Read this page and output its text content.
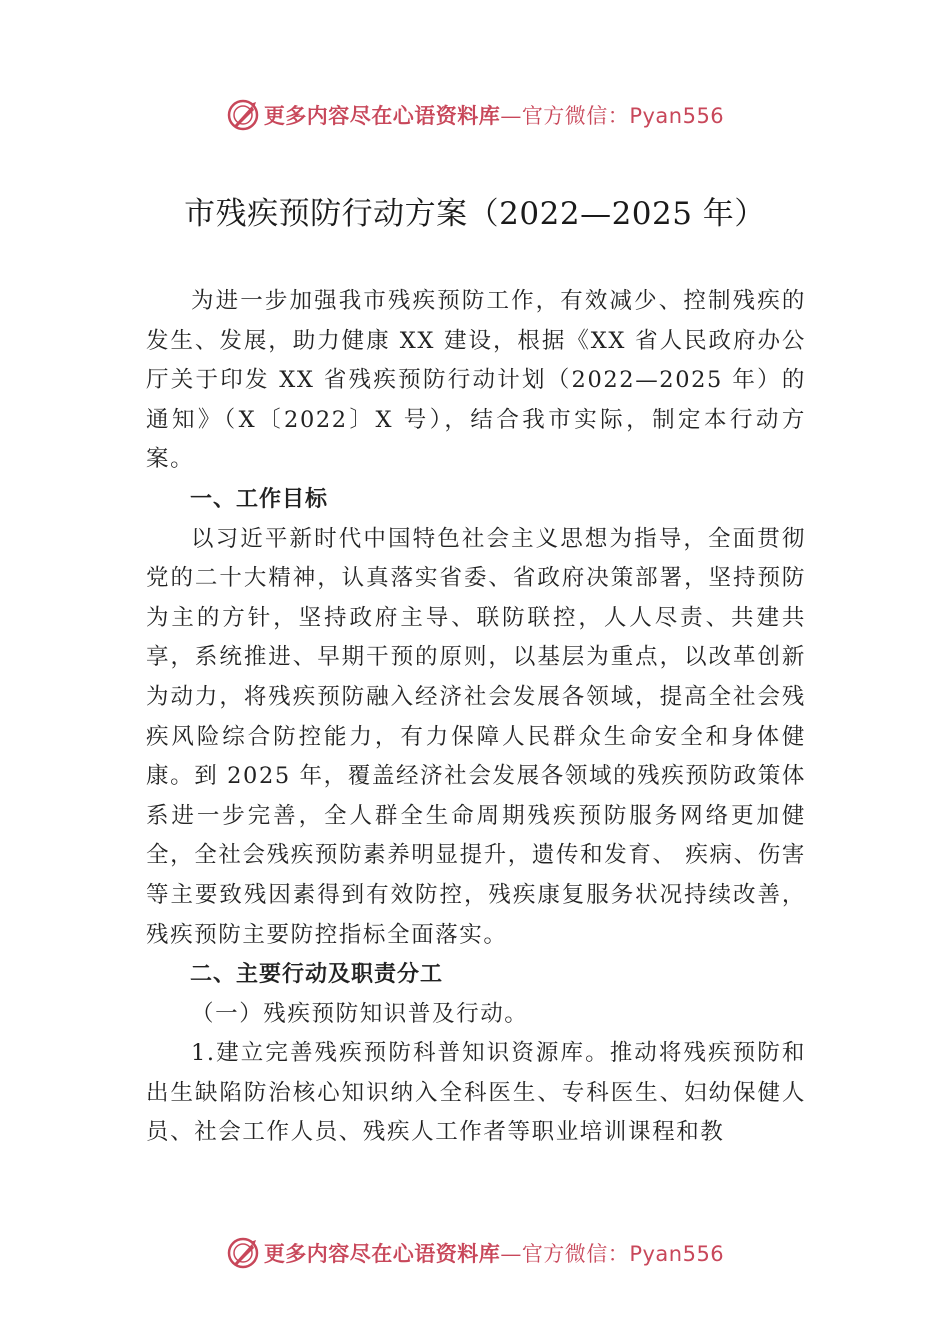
更多内容尽在心语资料库—官方微信：Pyan556
市残疾预防行动方案（2022—2025 年）

为进一步加强我市残疾预防工作，有效减少、控制残疾的发生、发展，助力健康 XX 建设，根据《XX 省人民政府办公厅关于印发 XX 省残疾预防行动计划（2022—2025 年）的通知》（X〔2022〕X 号），结合我市实际，制定本行动方案。

一、工作目标

以习近平新时代中国特色社会主义思想为指导，全面贯彻党的二十大精神，认真落实省委、省政府决策部署，坚持预防为主的方针，坚持政府主导、联防联控，人人尽责、共建共享，系统推进、早期干预的原则，以基层为重点，以改革创新为动力，将残疾预防融入经济社会发展各领域，提高全社会残疾风险综合防控能力，有力保障人民群众生命安全和身体健康。到 2025 年，覆盖经济社会发展各领域的残疾预防政策体系进一步完善，全人群全生命周期残疾预防服务网络更加健全，全社会残疾预防素养明显提升，遗传和发育、 疾病、伤害等主要致残因素得到有效防控，残疾康复服务状况持续改善，残疾预防主要防控指标全面落实。

二、主要行动及职责分工

（一）残疾预防知识普及行动。

1.建立完善残疾预防科普知识资源库。推动将残疾预防和出生缺陷防治核心知识纳入全科医生、专科医生、妇幼保健人员、社会工作人员、残疾人工作者等职业培训课程和教

更多内容尽在心语资料库—官方微信：Pyan556
